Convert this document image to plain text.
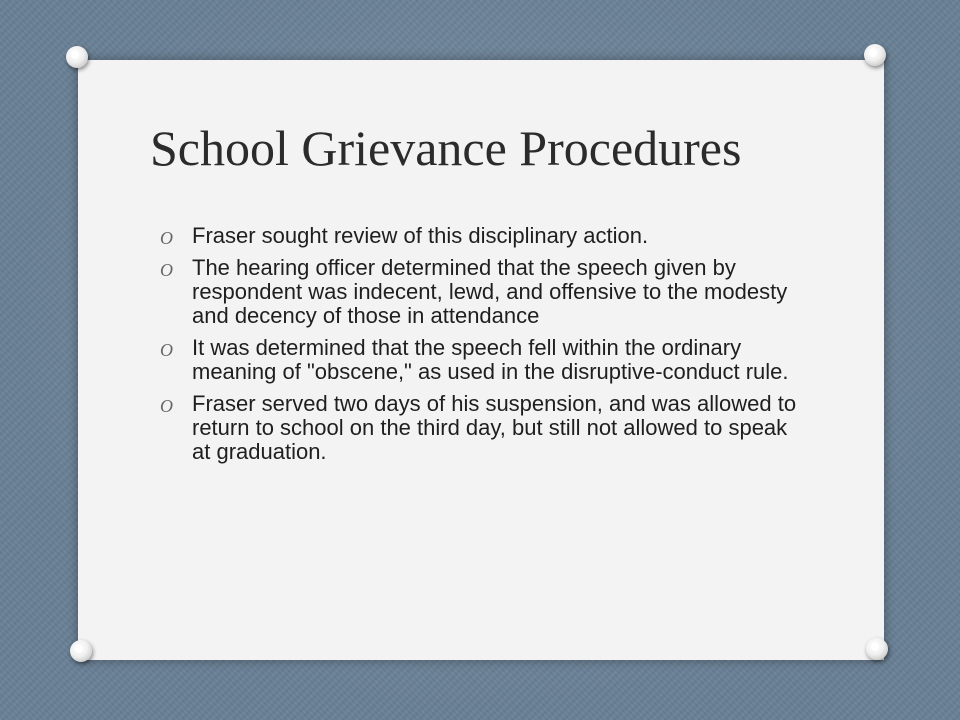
School Grievance Procedures
O Fraser sought review of this disciplinary action.
O The hearing officer determined that the speech given by respondent was indecent, lewd, and offensive to the modesty and decency of those in attendance
O It was determined that the speech fell within the ordinary meaning of "obscene," as used in the disruptive-conduct rule.
O Fraser served two days of his suspension, and was allowed to return to school on the third day, but still not allowed to speak at graduation.
